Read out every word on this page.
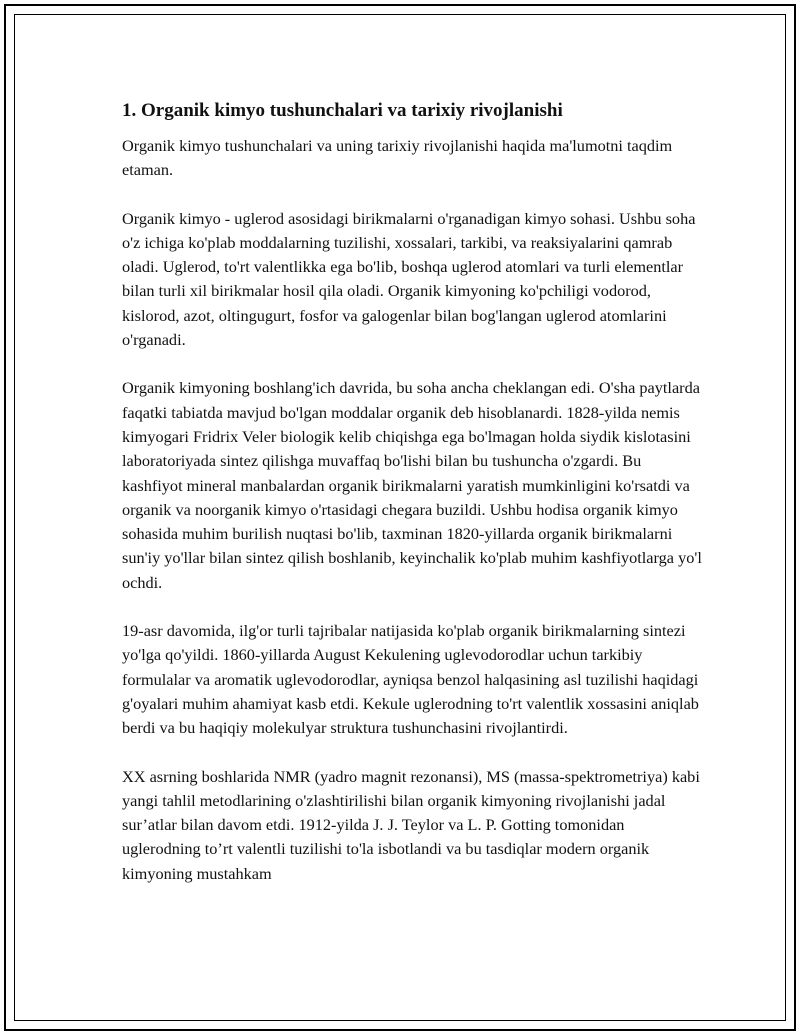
1. Organik kimyo tushunchalari va tarixiy rivojlanishi

Organik kimyo tushunchalari va uning tarixiy rivojlanishi haqida ma'lumotni taqdim etaman.

Organik kimyo - uglerod asosidagi birikmalarni o'rganadigan kimyo sohasi. Ushbu soha o'z ichiga ko'plab moddalarning tuzilishi, xossalari, tarkibi, va reaksiyalarini qamrab oladi. Uglerod, to'rt valentlikka ega bo'lib, boshqa uglerod atomlari va turli elementlar bilan turli xil birikmalar hosil qila oladi. Organik kimyoning ko'pchiligi vodorod, kislorod, azot, oltingugurt, fosfor va galogenlar bilan bog'langan uglerod atomlarini o'rganadi.

Organik kimyoning boshlang'ich davrida, bu soha ancha cheklangan edi. O'sha paytlarda faqatki tabiatda mavjud bo'lgan moddalar organik deb hisoblanardi. 1828-yilda nemis kimyogari Fridrix Veler biologik kelib chiqishga ega bo'lmagan holda siydik kislotasini laboratoriyada sintez qilishga muvaffaq bo'lishi bilan bu tushuncha o'zgardi. Bu kashfiyot mineral manbalardan organik birikmalarni yaratish mumkinligini ko'rsatdi va organik va noorganik kimyo o'rtasidagi chegara buzildi. Ushbu hodisa organik kimyo sohasida muhim burilish nuqtasi bo'lib, taxminan 1820-yillarda organik birikmalarni sun'iy yo'llar bilan sintez qilish boshlanib, keyinchalik ko'plab muhim kashfiyotlarga yo'l ochdi.

19-asr davomida, ilg'or turli tajribalar natijasida ko'plab organik birikmalarning sintezi yo'lga qo'yildi. 1860-yillarda August Kekulening uglevodorodlar uchun tarkibiy formulalar va aromatik uglevodorodlar, ayniqsa benzol halqasining asl tuzilishi haqidagi g'oyalari muhim ahamiyat kasb etdi. Kekule uglerodning to'rt valentlik xossasini aniqlab berdi va bu haqiqiy molekulyar struktura tushunchasini rivojlantirdi.

XX asrning boshlarida NMR (yadro magnit rezonansi), MS (massa-spektrometriya) kabi yangi tahlil metodlarining o'zlashtirilishi bilan organik kimyoning rivojlanishi jadal sur’atlar bilan davom etdi. 1912-yilda J. J. Teylor va L. P. Gotting tomonidan uglerodning to’rt valentli tuzilishi to'la isbotlandi va bu tasdiqlar modern organik kimyoning mustahkam
